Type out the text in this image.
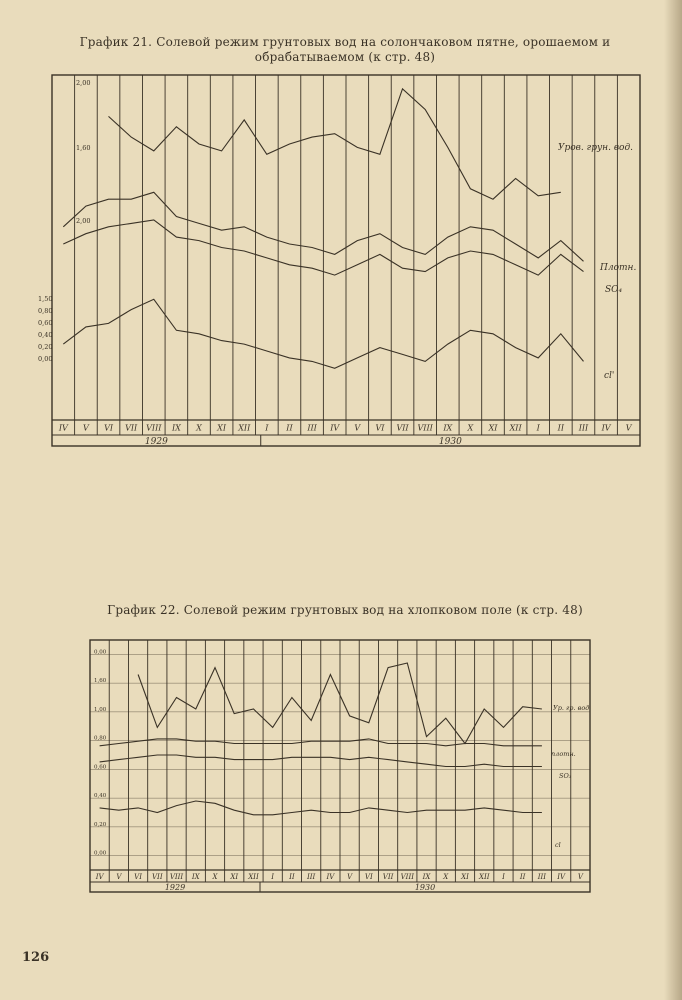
График 21. Солевой режим грунтовых вод на солончаковом пятне, орошаемом и обрабатываемом (к стр. 48)
График 22. Солевой режим грунтовых вод на хлопковом поле (к стр. 48)
2,00
1,60
2,00
1,50
0,80
0,60
0,40
0,20
0,00
IV V VI VII VIII IX X XI XII I II III IV V VI VII VIII IX X XI XII I II III IV V
1929	1930
Уров. грун. вод.
Плотн.
SO₄
cl'
0,00
1,60
1,00
0,80
0,60
0,40
0,20
0,00
IV V VI VII VIII IX X XI XII I II III IV V VI VII VIII IX X XI XII I II III IV V
1929	1930
Ур. гр. вод
плотн.
SO₃
cl
126
